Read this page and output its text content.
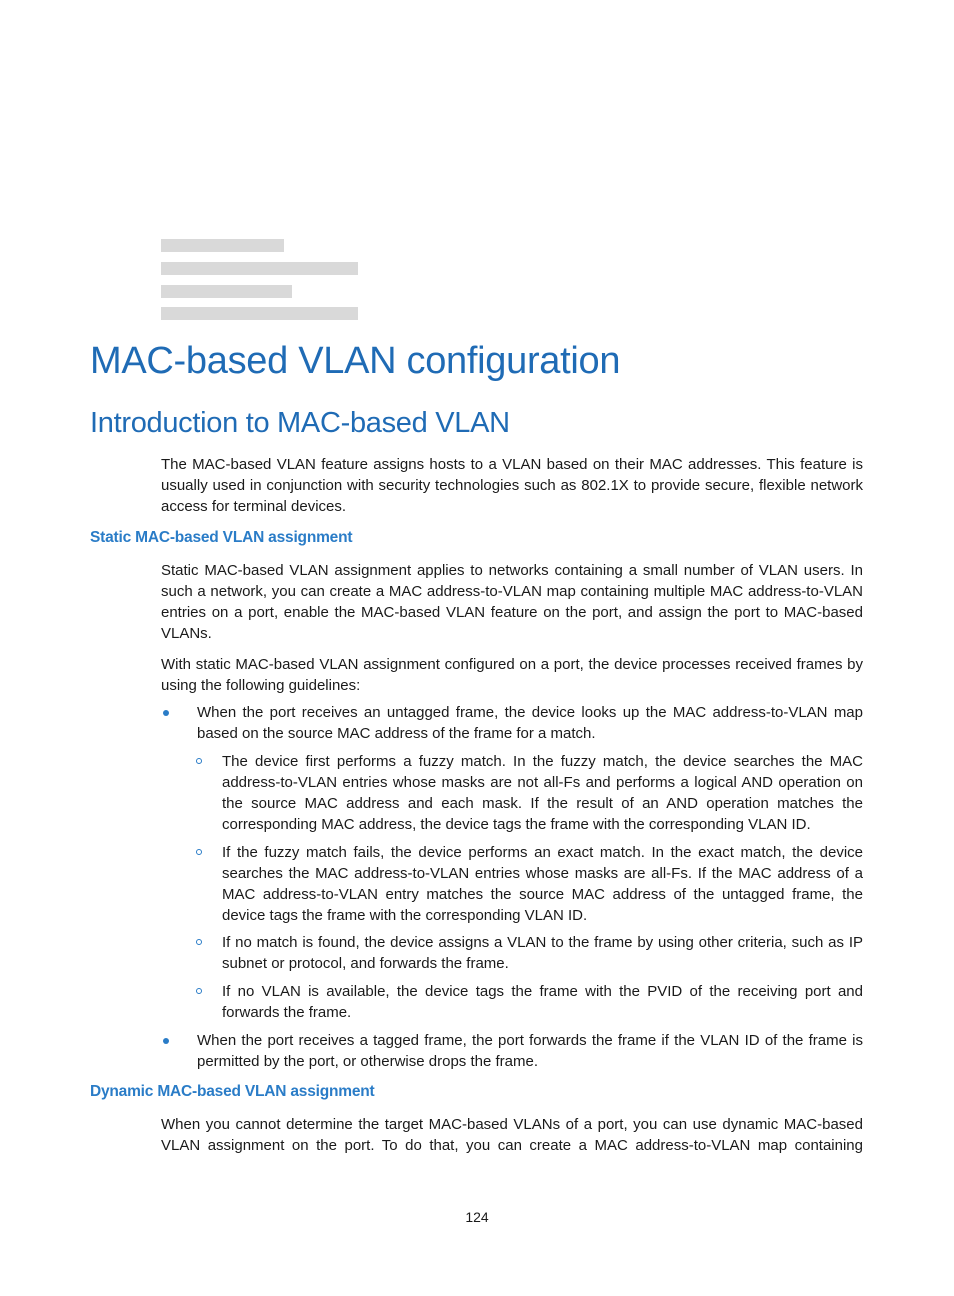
MAC-based VLAN configuration
Introduction to MAC-based VLAN

The MAC-based VLAN feature assigns hosts to a VLAN based on their MAC addresses. This feature is usually used in conjunction with security technologies such as 802.1X to provide secure, flexible network access for terminal devices.

Static MAC-based VLAN assignment

Static MAC-based VLAN assignment applies to networks containing a small number of VLAN users. In such a network, you can create a MAC address-to-VLAN map containing multiple MAC address-to-VLAN entries on a port, enable the MAC-based VLAN feature on the port, and assign the port to MAC-based VLANs.

With static MAC-based VLAN assignment configured on a port, the device processes received frames by using the following guidelines:

When the port receives an untagged frame, the device looks up the MAC address-to-VLAN map based on the source MAC address of the frame for a match.

The device first performs a fuzzy match. In the fuzzy match, the device searches the MAC address-to-VLAN entries whose masks are not all-Fs and performs a logical AND operation on the source MAC address and each mask. If the result of an AND operation matches the corresponding MAC address, the device tags the frame with the corresponding VLAN ID.

If the fuzzy match fails, the device performs an exact match. In the exact match, the device searches the MAC address-to-VLAN entries whose masks are all-Fs. If the MAC address of a MAC address-to-VLAN entry matches the source MAC address of the untagged frame, the device tags the frame with the corresponding VLAN ID.

If no match is found, the device assigns a VLAN to the frame by using other criteria, such as IP subnet or protocol, and forwards the frame.

If no VLAN is available, the device tags the frame with the PVID of the receiving port and forwards the frame.

When the port receives a tagged frame, the port forwards the frame if the VLAN ID of the frame is permitted by the port, or otherwise drops the frame.

Dynamic MAC-based VLAN assignment

When you cannot determine the target MAC-based VLANs of a port, you can use dynamic MAC-based VLAN assignment on the port. To do that, you can create a MAC address-to-VLAN map containing

124
